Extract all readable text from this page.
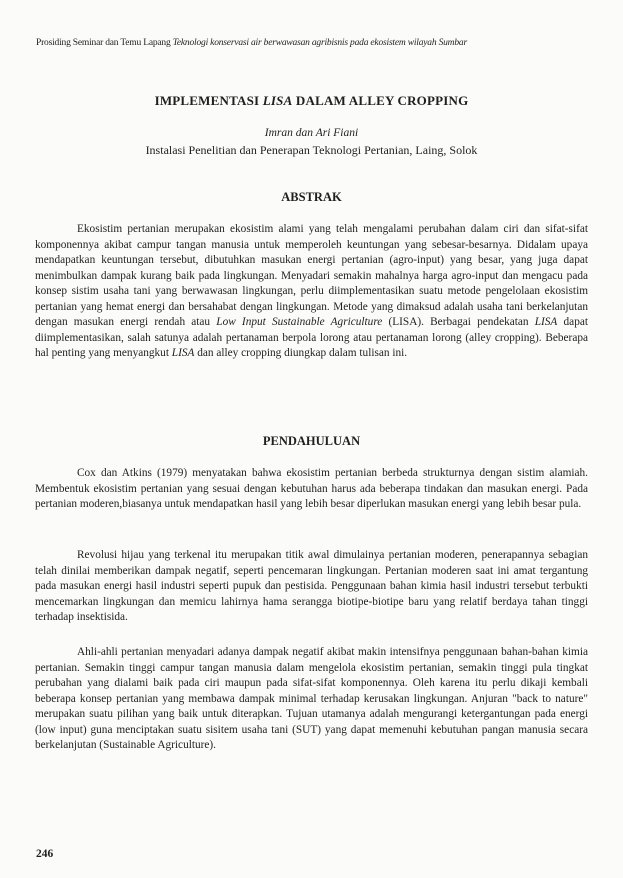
Prosiding Seminar dan Temu Lapang Teknologi konservasi air berwawasan agribisnis pada ekosistem wilayah Sumbar
IMPLEMENTASI LISA DALAM ALLEY CROPPING
Imran dan Ari Fiani
Instalasi Penelitian dan Penerapan Teknologi Pertanian, Laing, Solok
ABSTRAK

Ekosistim pertanian merupakan ekosistim alami yang telah mengalami perubahan dalam ciri dan sifat-sifat komponennya akibat campur tangan manusia untuk memperoleh keuntungan yang sebesar-besarnya. Didalam upaya mendapatkan keuntungan tersebut, dibutuhkan masukan energi pertanian (agro-input) yang besar, yang juga dapat menimbulkan dampak kurang baik pada lingkungan. Menyadari semakin mahalnya harga agro-input dan mengacu pada konsep sistim usaha tani yang berwawasan lingkungan, perlu diimplementasikan suatu metode pengelolaan ekosistim pertanian yang hemat energi dan bersahabat dengan lingkungan. Metode yang dimaksud adalah usaha tani berkelanjutan dengan masukan energi rendah atau Low Input Sustainable Agriculture (LISA). Berbagai pendekatan LISA dapat diimplementasikan, salah satunya adalah pertanaman berpola lorong atau pertanaman lorong (alley cropping). Beberapa hal penting yang menyangkut LISA dan alley cropping diungkap dalam tulisan ini.

PENDAHULUAN

Cox dan Atkins (1979) menyatakan bahwa ekosistim pertanian berbeda strukturnya dengan sistim alamiah. Membentuk ekosistim pertanian yang sesuai dengan kebutuhan harus ada beberapa tindakan dan masukan energi. Pada pertanian moderen,biasanya untuk mendapatkan hasil yang lebih besar diperlukan masukan energi yang lebih besar pula.

Revolusi hijau yang terkenal itu merupakan titik awal dimulainya pertanian moderen, penerapannya sebagian telah dinilai memberikan dampak negatif, seperti pencemaran lingkungan. Pertanian moderen saat ini amat tergantung pada masukan energi hasil industri seperti pupuk dan pestisida. Penggunaan bahan kimia hasil industri tersebut terbukti mencemarkan lingkungan dan memicu lahirnya hama serangga biotipe-biotipe baru yang relatif berdaya tahan tinggi terhadap insektisida.

Ahli-ahli pertanian menyadari adanya dampak negatif akibat makin intensifnya penggunaan bahan-bahan kimia pertanian. Semakin tinggi campur tangan manusia dalam mengelola ekosistim pertanian, semakin tinggi pula tingkat perubahan yang dialami baik pada ciri maupun pada sifat-sifat komponennya. Oleh karena itu perlu dikaji kembali beberapa konsep pertanian yang membawa dampak minimal terhadap kerusakan lingkungan. Anjuran "back to nature" merupakan suatu pilihan yang baik untuk diterapkan. Tujuan utamanya adalah mengurangi ketergantungan pada energi (low input) guna menciptakan suatu sisitem usaha tani (SUT) yang dapat memenuhi kebutuhan pangan manusia secara berkelanjutan (Sustainable Agriculture).

246
